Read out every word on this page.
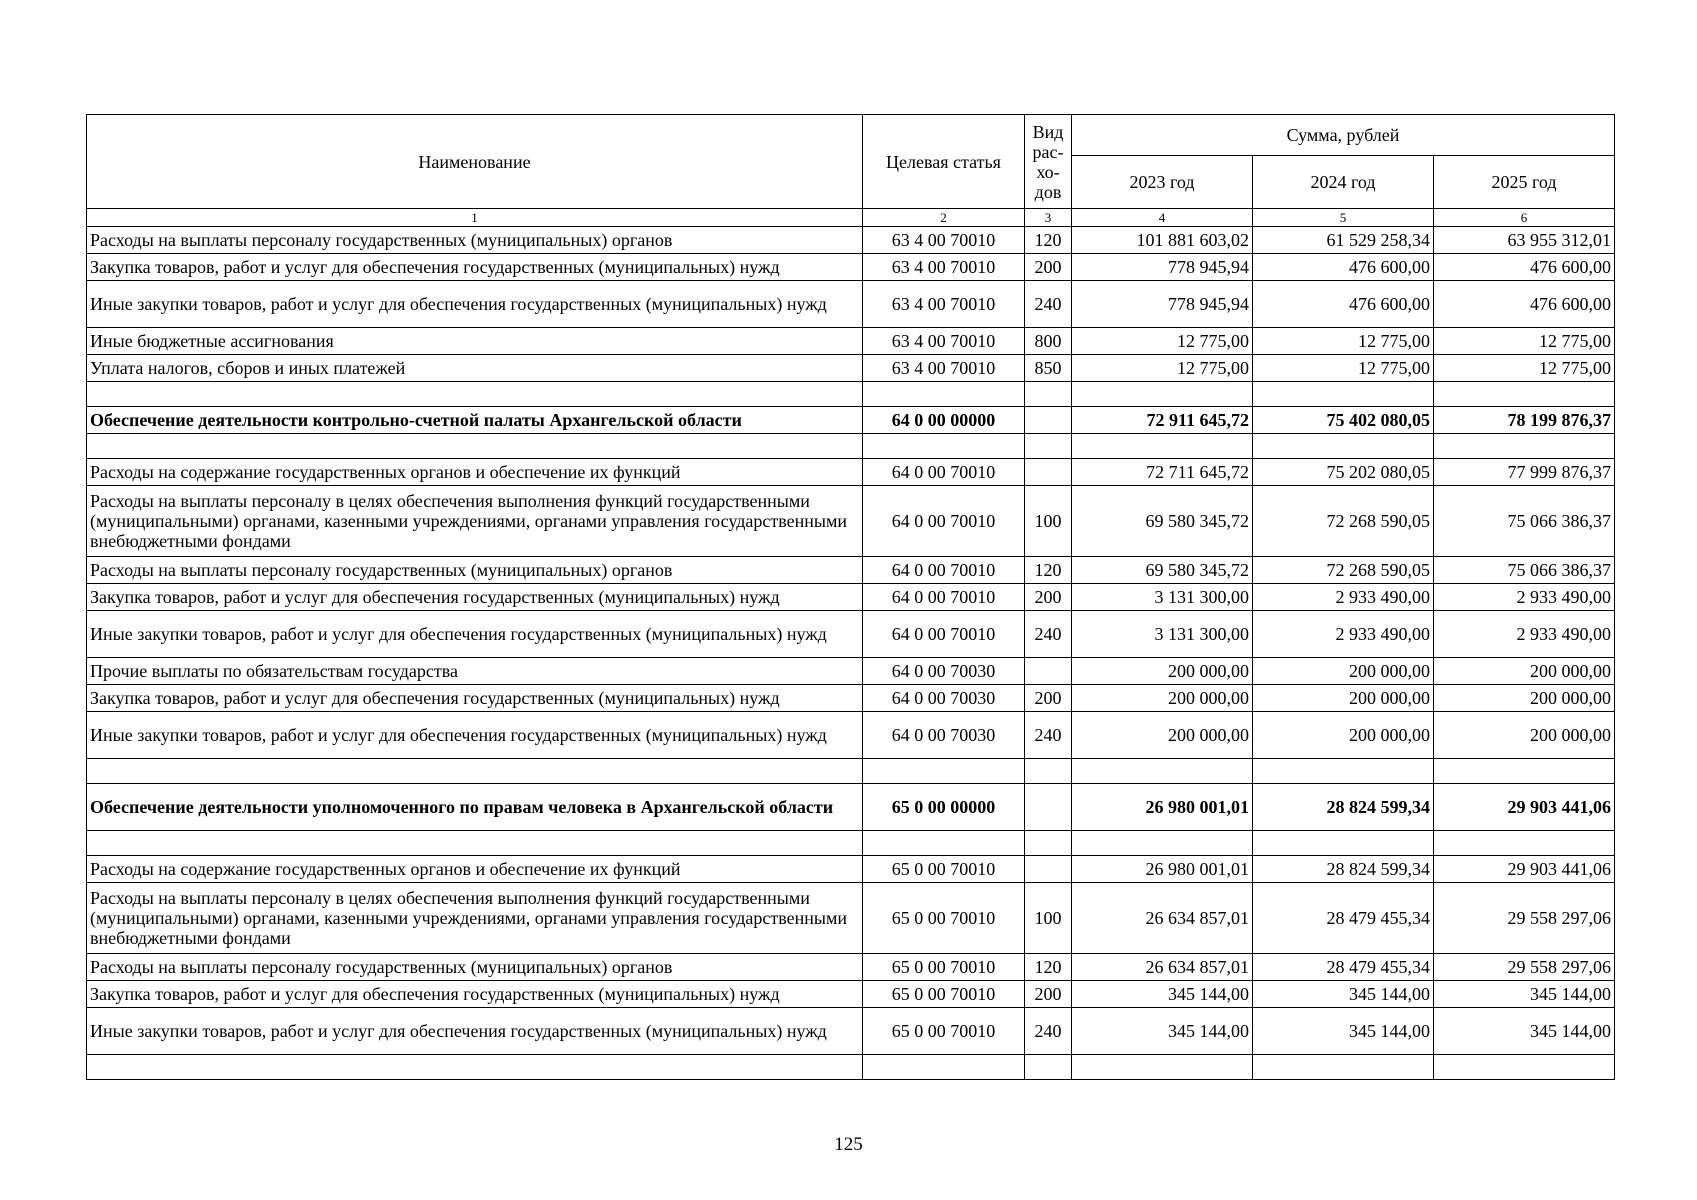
Наименование	Целевая статья	Вид рас- хо- дов	Сумма, рублей		
			2023 год	2024 год	2025 год
1	2	3	4	5	6
Расходы на выплаты персоналу государственных (муниципальных) органов	63 4 00 70010	120	101 881 603,02	61 529 258,34	63 955 312,01
Закупка товаров, работ и услуг для обеспечения государственных (муниципальных) нужд	63 4 00 70010	200	778 945,94	476 600,00	476 600,00
Иные закупки товаров, работ и услуг для обеспечения государственных (муниципальных) нужд	63 4 00 70010	240	778 945,94	476 600,00	476 600,00
Иные бюджетные ассигнования	63 4 00 70010	800	12 775,00	12 775,00	12 775,00
Уплата налогов, сборов и иных платежей	63 4 00 70010	850	12 775,00	12 775,00	12 775,00

Обеспечение деятельности контрольно-счетной палаты Архангельской области	64 0 00 00000		72 911 645,72	75 402 080,05	78 199 876,37

Расходы на содержание государственных органов и обеспечение их функций	64 0 00 70010		72 711 645,72	75 202 080,05	77 999 876,37
Расходы на выплаты персоналу в целях обеспечения выполнения функций государственными (муниципальными) органами, казенными учреждениями, органами управления государственными внебюджетными фондами	64 0 00 70010	100	69 580 345,72	72 268 590,05	75 066 386,37
Расходы на выплаты персоналу государственных (муниципальных) органов	64 0 00 70010	120	69 580 345,72	72 268 590,05	75 066 386,37
Закупка товаров, работ и услуг для обеспечения государственных (муниципальных) нужд	64 0 00 70010	200	3 131 300,00	2 933 490,00	2 933 490,00
Иные закупки товаров, работ и услуг для обеспечения государственных (муниципальных) нужд	64 0 00 70010	240	3 131 300,00	2 933 490,00	2 933 490,00
Прочие выплаты по обязательствам государства	64 0 00 70030		200 000,00	200 000,00	200 000,00
Закупка товаров, работ и услуг для обеспечения государственных (муниципальных) нужд	64 0 00 70030	200	200 000,00	200 000,00	200 000,00
Иные закупки товаров, работ и услуг для обеспечения государственных (муниципальных) нужд	64 0 00 70030	240	200 000,00	200 000,00	200 000,00

Обеспечение деятельности уполномоченного по правам человека в Архангельской области	65 0 00 00000		26 980 001,01	28 824 599,34	29 903 441,06

Расходы на содержание государственных органов и обеспечение их функций	65 0 00 70010		26 980 001,01	28 824 599,34	29 903 441,06
Расходы на выплаты персоналу в целях обеспечения выполнения функций государственными (муниципальными) органами, казенными учреждениями, органами управления государственными внебюджетными фондами	65 0 00 70010	100	26 634 857,01	28 479 455,34	29 558 297,06
Расходы на выплаты персоналу государственных (муниципальных) органов	65 0 00 70010	120	26 634 857,01	28 479 455,34	29 558 297,06
Закупка товаров, работ и услуг для обеспечения государственных (муниципальных) нужд	65 0 00 70010	200	345 144,00	345 144,00	345 144,00
Иные закупки товаров, работ и услуг для обеспечения государственных (муниципальных) нужд	65 0 00 70010	240	345 144,00	345 144,00	345 144,00

125
